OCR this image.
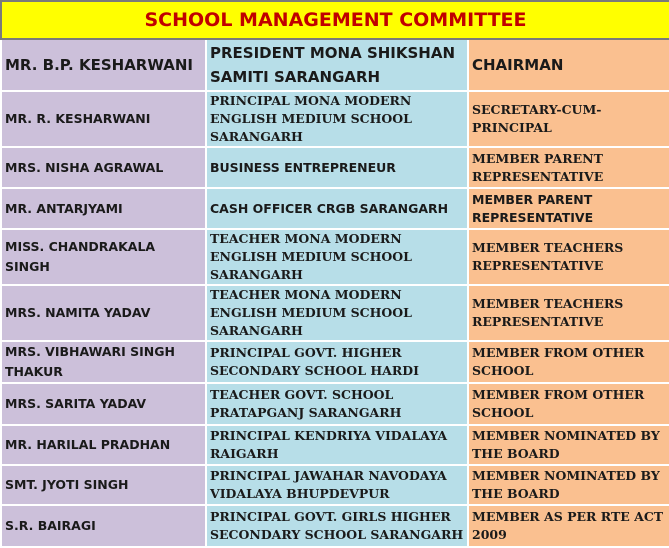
SCHOOL MANAGEMENT COMMITTEE		
MR. B.P. KESHARWANI	PRESIDENT MONA SHIKSHAN SAMITI SARANGARH	CHAIRMAN
MR. R. KESHARWANI	PRINCIPAL MONA MODERN ENGLISH MEDIUM SCHOOL SARANGARH	SECRETARY-CUM-PRINCIPAL
MRS. NISHA AGRAWAL	BUSINESS ENTREPRENEUR	MEMBER PARENT REPRESENTATIVE
MR. ANTARJYAMI	CASH OFFICER CRGB SARANGARH	MEMBER PARENT REPRESENTATIVE
MISS. CHANDRAKALA SINGH	TEACHER MONA MODERN ENGLISH MEDIUM SCHOOL SARANGARH	MEMBER TEACHERS REPRESENTATIVE
MRS. NAMITA YADAV	TEACHER MONA MODERN ENGLISH MEDIUM SCHOOL SARANGARH	MEMBER TEACHERS REPRESENTATIVE
MRS. VIBHAWARI SINGH THAKUR	PRINCIPAL GOVT. HIGHER SECONDARY SCHOOL HARDI	MEMBER FROM OTHER SCHOOL
MRS. SARITA YADAV	TEACHER GOVT. SCHOOL PRATAPGANJ SARANGARH	MEMBER FROM OTHER SCHOOL
MR. HARILAL PRADHAN	PRINCIPAL KENDRIYA VIDALAYA RAIGARH	MEMBER NOMINATED BY THE BOARD
SMT. JYOTI SINGH	PRINCIPAL JAWAHAR NAVODAYA VIDALAYA BHUPDEVPUR	MEMBER NOMINATED BY THE BOARD
S.R. BAIRAGI	PRINCIPAL GOVT. GIRLS HIGHER SECONDARY SCHOOL SARANGARH	MEMBER AS PER RTE ACT 2009
